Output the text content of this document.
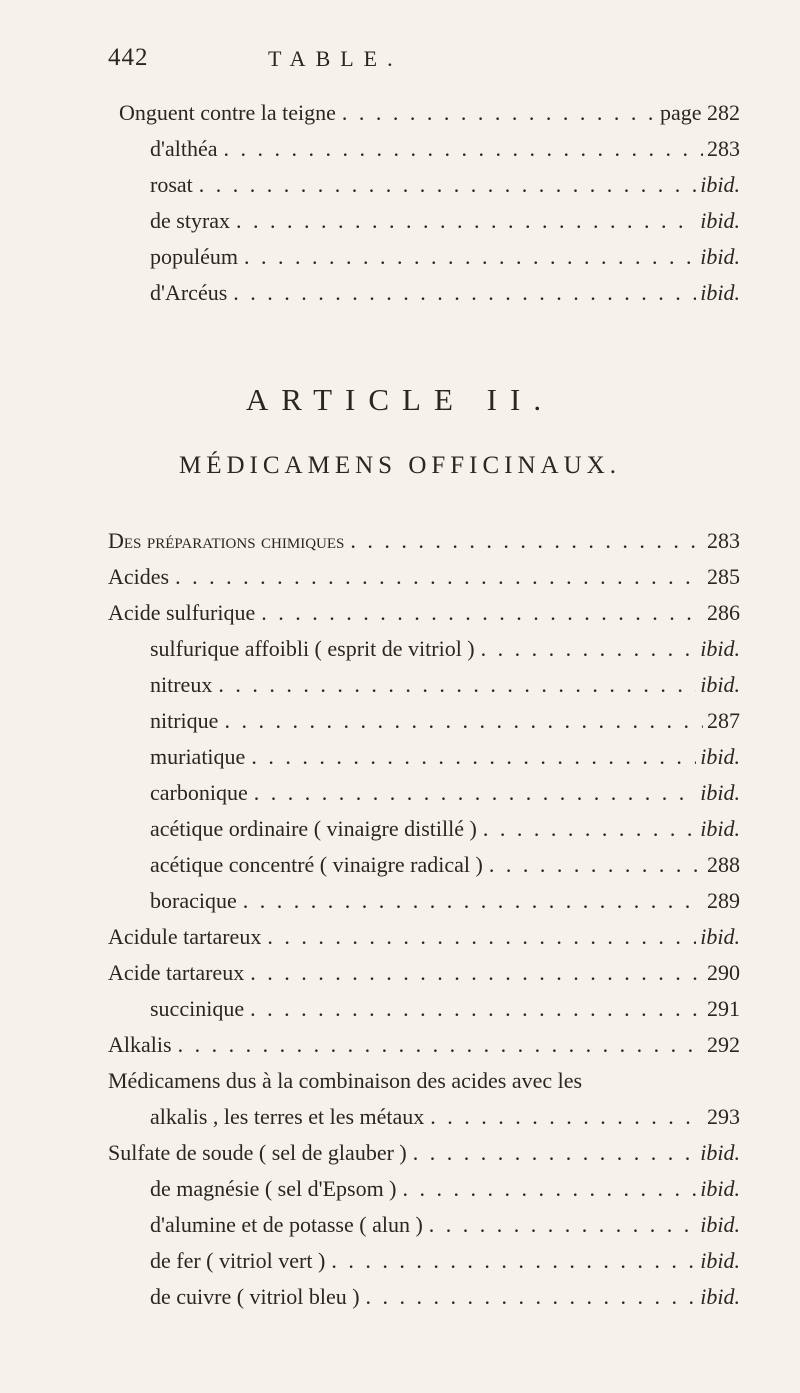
442	TABLE.
Onguent contre la teigne . . .	page 282
d'althéa . . .	283
rosat . . .	ibid.
de styrax . . .	ibid.
populéum . . .	ibid.
d'Arcéus . . .	ibid.
ARTICLE II.
MÉDICAMENS OFFICINAUX.
Des préparations chimiques . . .	283
Acides . . .	285
Acide sulfurique . . .	286
sulfurique affoibli ( esprit de vitriol ) . . .	ibid.
nitreux . . .	ibid.
nitrique . . .	287
muriatique . . .	ibid.
carbonique . . .	ibid.
acétique ordinaire ( vinaigre distillé ) . . .	ibid.
acétique concentré ( vinaigre radical ) . . .	288
boracique . . .	289
Acidule tartareux . . .	ibid.
Acide tartareux . . .	290
succinique . . .	291
Alkalis . . .	292
Médicamens dus à la combinaison des acides avec les
alkalis , les terres et les métaux . . .	293
Sulfate de soude ( sel de glauber ) . . .	ibid.
de magnésie ( sel d'Epsom ) . . .	ibid.
d'alumine et de potasse ( alun ) . . .	ibid.
de fer ( vitriol vert ) . . .	ibid.
de cuivre ( vitriol bleu ) . . .	ibid.
